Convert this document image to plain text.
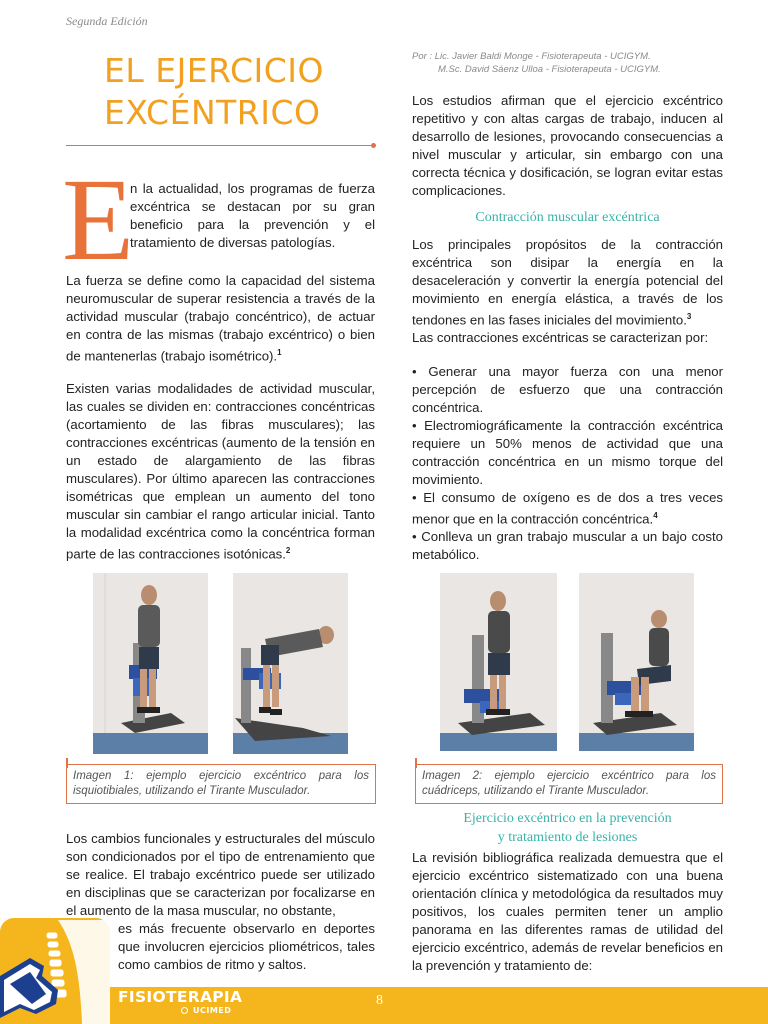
Segunda Edición
EL EJERCICIO
EXCÉNTRICO
Por : Lic. Javier Baldi Monge - Fisioterapeuta - UCIGYM.
M.Sc. David Sáenz Ulloa - Fisioterapeuta - UCIGYM.
E
n la actualidad, los programas de fuerza excéntrica se destacan por su gran beneficio para la prevención y el tratamiento de diversas patologías.
La fuerza se define como la capacidad del sistema neuromuscular de superar resistencia a través de la actividad muscular (trabajo concéntrico), de actuar en contra de las mismas (trabajo excéntrico) o bien de mantenerlas (trabajo isométrico).$^1$
Existen varias modalidades de actividad muscular, las cuales se dividen en: contracciones concéntricas (acortamiento de las fibras musculares); las contracciones excéntricas (aumento de la tensión en un estado de alargamiento de las fibras musculares). Por último aparecen las contracciones isométricas que emplean un aumento del tono muscular sin cambiar el rango articular inicial. Tanto la modalidad excéntrica como la concéntrica forman parte de las contracciones isotónicas.$^2$
Imagen 1: ejemplo ejercicio excéntrico para los isquiotibiales, utilizando el Tirante Musculador.
Los cambios funcionales y estructurales del músculo son condicionados por el tipo de entrenamiento que se realice. El trabajo excéntrico puede ser utilizado en disciplinas que se caracterizan por focalizarse en el aumento de la masa muscular, no obstante,
es más frecuente observarlo en deportes que involucren ejercicios pliométricos, tales como cambios de ritmo y saltos.
Los estudios afirman que el ejercicio excéntrico repetitivo y con altas cargas de trabajo, inducen al desarrollo de lesiones, provocando consecuencias a nivel muscular y articular, sin embargo con una correcta técnica y dosificación, se logran evitar estas complicaciones.
Contracción muscular excéntrica
Los principales propósitos de la contracción excéntrica son disipar la energía en la desaceleración y convertir la energía potencial del movimiento en energía elástica, a través de los tendones en las fases iniciales del movimiento.$^3$
Las contracciones excéntricas se caracterizan por:
• Generar una mayor fuerza con una menor percepción de esfuerzo que una contracción concéntrica.
• Electromiográficamente la contracción excéntrica requiere un 50% menos de actividad que una contracción concéntrica en un mismo torque del movimiento.
• El consumo de oxígeno es de dos a tres veces menor que en la contracción concéntrica.$^4$
• Conlleva un gran trabajo muscular a un bajo costo metabólico.
Imagen 2: ejemplo ejercicio excéntrico para los cuádriceps, utilizando el Tirante Musculador.
Ejercicio excéntrico en la prevención
y tratamiento de lesiones
La revisión bibliográfica realizada demuestra que el ejercicio excéntrico sistematizado con una buena orientación clínica y metodológica da resultados muy positivos, los cuales permiten tener un amplio panorama en las diferentes ramas de utilidad del ejercicio excéntrico, además de revelar beneficios en la prevención y tratamiento de:
FISIOTERAPIA
UCIMED
8
